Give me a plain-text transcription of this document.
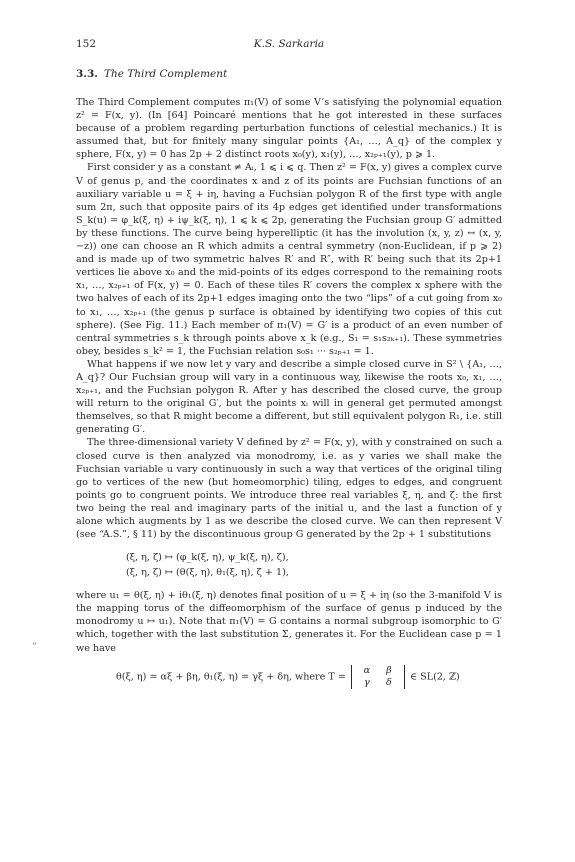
152	K.S. Sarkaria
3.3. The Third Complement
“

The Third Complement computes π₁(V) of some V’s satisfying the polynomial equation z² = F(x, y). (In [64] Poincaré mentions that he got interested in these surfaces because of a problem regarding perturbation functions of celestial mechanics.) It is assumed that, but for finitely many singular points {A₁, …, A_q} of the complex y sphere, F(x, y) = 0 has 2p + 2 distinct roots x₀(y), x₁(y), …, x₂ₚ₊₁(y), p ⩾ 1.

First consider y as a constant ≠ Aᵢ, 1 ⩽ i ⩽ q. Then z² = F(x, y) gives a complex curve V of genus p, and the coordinates x and z of its points are Fuchsian functions of an auxiliary variable u = ξ + iη, having a Fuchsian polygon R of the first type with angle sum 2π, such that opposite pairs of its 4p edges get identified under transformations S_k(u) = φ_k(ξ, η) + iψ_k(ξ, η), 1 ⩽ k ⩽ 2p, generating the Fuchsian group G′ admitted by these functions. The curve being hyperelliptic (it has the involution (x, y, z) ↔ (x, y, −z)) one can choose an R which admits a central symmetry (non-Euclidean, if p ⩾ 2) and is made up of two symmetric halves R′ and R″, with R′ being such that its 2p+1 vertices lie above x₀ and the mid-points of its edges correspond to the remaining roots x₁, …, x₂ₚ₊₁ of F(x, y) = 0. Each of these tiles R′ covers the complex x sphere with the two halves of each of its 2p+1 edges imaging onto the two “lips” of a cut going from x₀ to x₁, …, x₂ₚ₊₁ (the genus p surface is obtained by identifying two copies of this cut sphere). (See Fig. 11.) Each member of π₁(V) = G′ is a product of an even number of central symmetries s_k through points above x_k (e.g., S₁ = s₁s₂ₖ₊₁). These symmetries obey, besides s_k² = 1, the Fuchsian relation s₀s₁ ··· s₂ₚ₊₁ = 1.

What happens if we now let y vary and describe a simple closed curve in S² \ {A₁, …, A_q}? Our Fuchsian group will vary in a continuous way, likewise the roots x₀, x₁, …, x₂ₚ₊₁, and the Fuchsian polygon R. After y has described the closed curve, the group will return to the original G′, but the points xᵢ will in general get permuted amongst themselves, so that R might become a different, but still equivalent polygon R₁, i.e. still generating G′.

The three-dimensional variety V defined by z² = F(x, y), with y constrained on such a closed curve is then analyzed via monodromy, i.e. as y varies we shall make the Fuchsian variable u vary continuously in such a way that vertices of the original tiling go to vertices of the new (but homeomorphic) tiling, edges to edges, and congruent points go to congruent points. We introduce three real variables ξ, η, and ζ: the first two being the real and imaginary parts of the initial u, and the last a function of y alone which augments by 1 as we describe the closed curve. We can then represent V (see “A.S.”, § 11) by the discontinuous group G generated by the 2p + 1 substitutions

(ξ, η, ζ) ↦ (φ_k(ξ, η), ψ_k(ξ, η), ζ),
(ξ, η, ζ) ↦ (θ(ξ, η), θ₁(ξ, η), ζ + 1),

where u₁ = θ(ξ, η) + iθ₁(ξ, η) denotes final position of u = ξ + iη (so the 3-manifold V is the mapping torus of the diffeomorphism of the surface of genus p induced by the monodromy u ↦ u₁). Note that π₁(V) = G contains a normal subgroup isomorphic to G′ which, together with the last substitution Σ, generates it. For the Euclidean case p = 1 we have

θ(ξ, η) = αξ + βη, θ₁(ξ, η) = γξ + δη, where T = α β
γ δ ∈ SL(2, ℤ)
